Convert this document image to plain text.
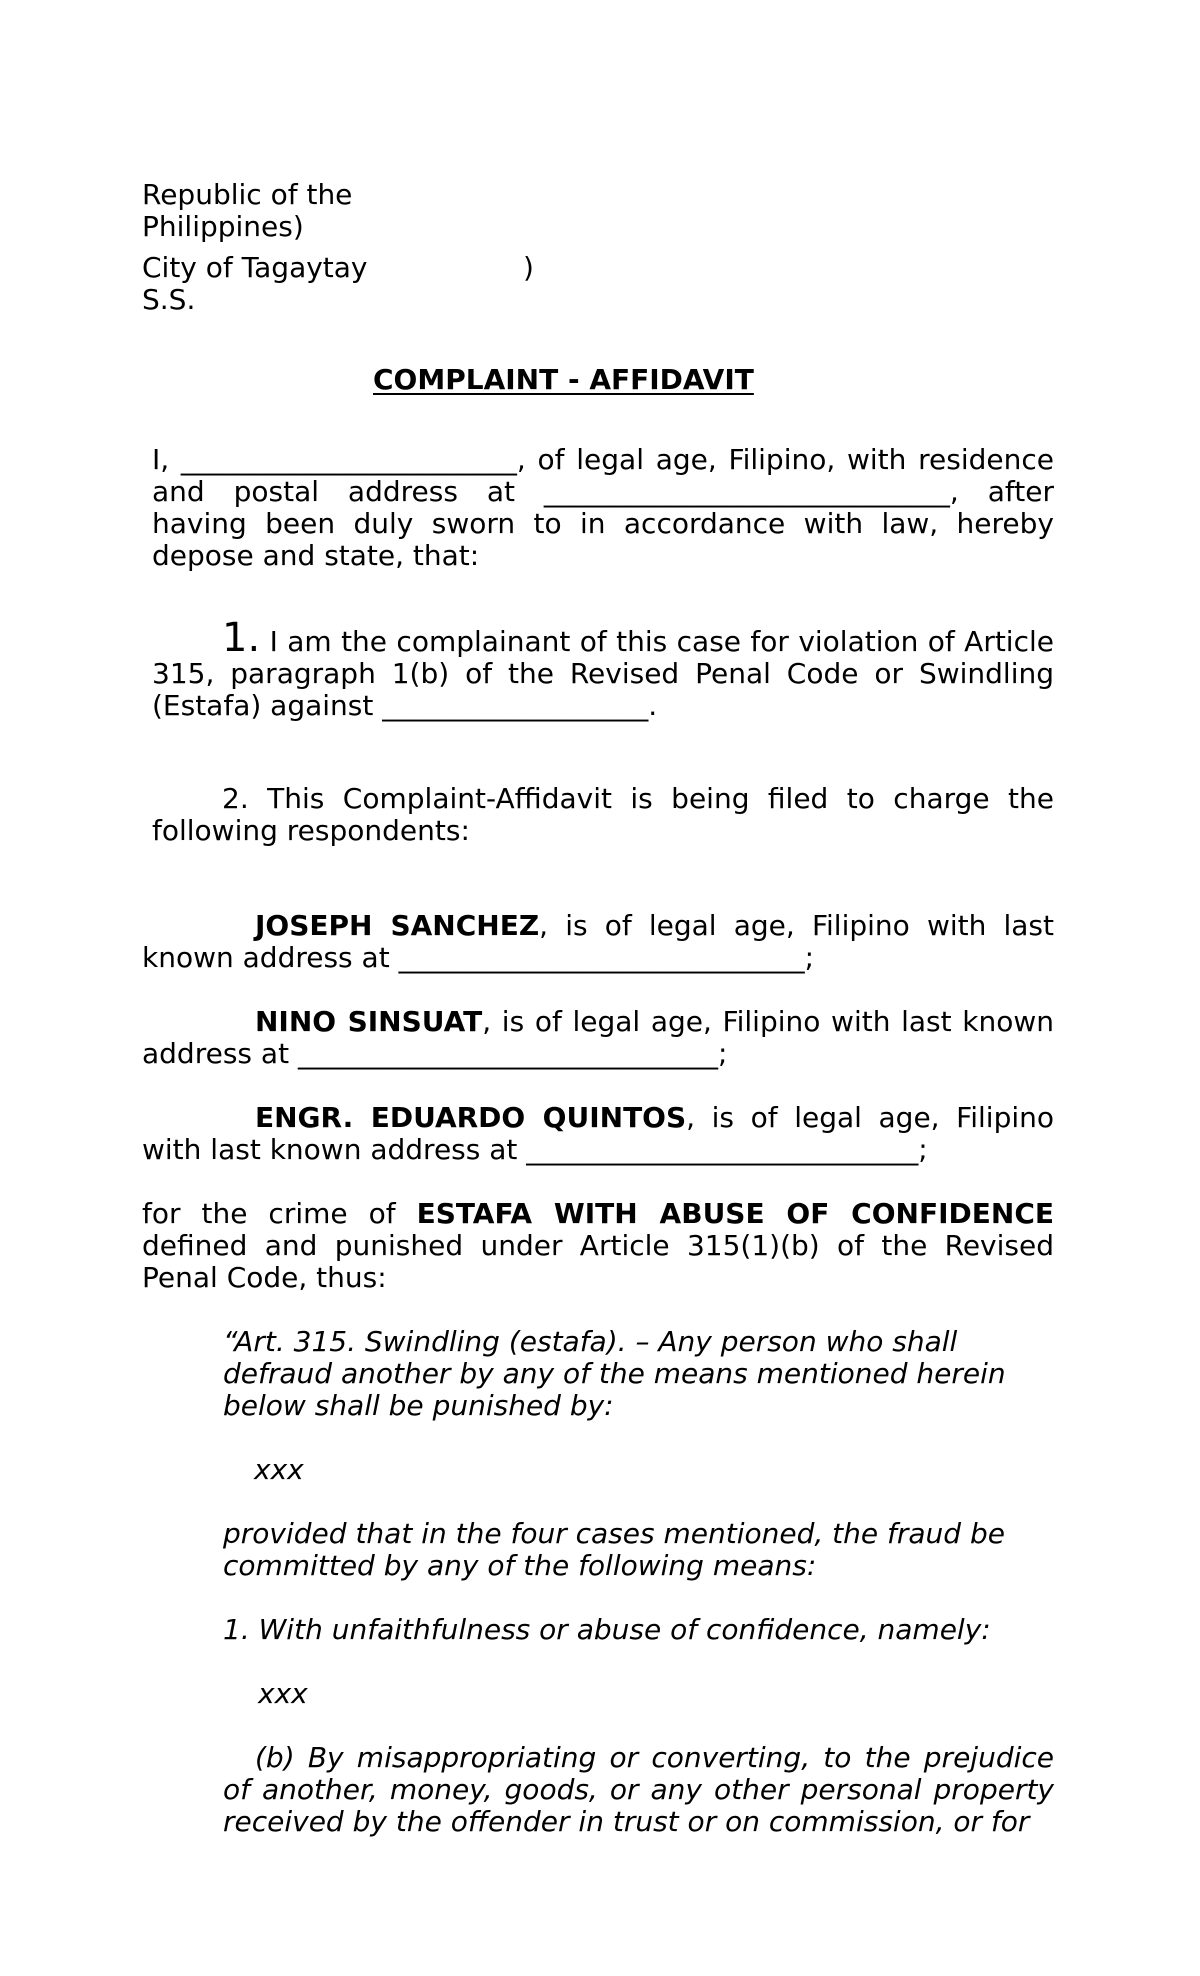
Republic of the
Philippines)
City of Tagaytay	)
S.S.
COMPLAINT - AFFIDAVIT

I, ________________________, of legal age, Filipino, with residence and postal address at _____________________________, after having been duly sworn to in accordance with law, hereby depose and state, that:

1. I am the complainant of this case for violation of Article 315, paragraph 1(b) of the Revised Penal Code or Swindling (Estafa) against ___________________.

2. This Complaint-Affidavit is being filed to charge the following respondents:

JOSEPH SANCHEZ, is of legal age, Filipino with last known address at _____________________________;

NINO SINSUAT, is of legal age, Filipino with last known address at ______________________________;

ENGR. EDUARDO QUINTOS, is of legal age, Filipino with last known address at ____________________________;

for the crime of ESTAFA WITH ABUSE OF CONFIDENCE defined and punished under Article 315(1)(b) of the Revised Penal Code, thus:

“Art. 315. Swindling (estafa). – Any person who shall defraud another by any of the means mentioned herein below shall be punished by:

xxx

provided that in the four cases mentioned, the fraud be committed by any of the following means:

1. With unfaithfulness or abuse of confidence, namely:

xxx

(b) By misappropriating or converting, to the prejudice of another, money, goods, or any other personal property received by the offender in trust or on commission, or for
